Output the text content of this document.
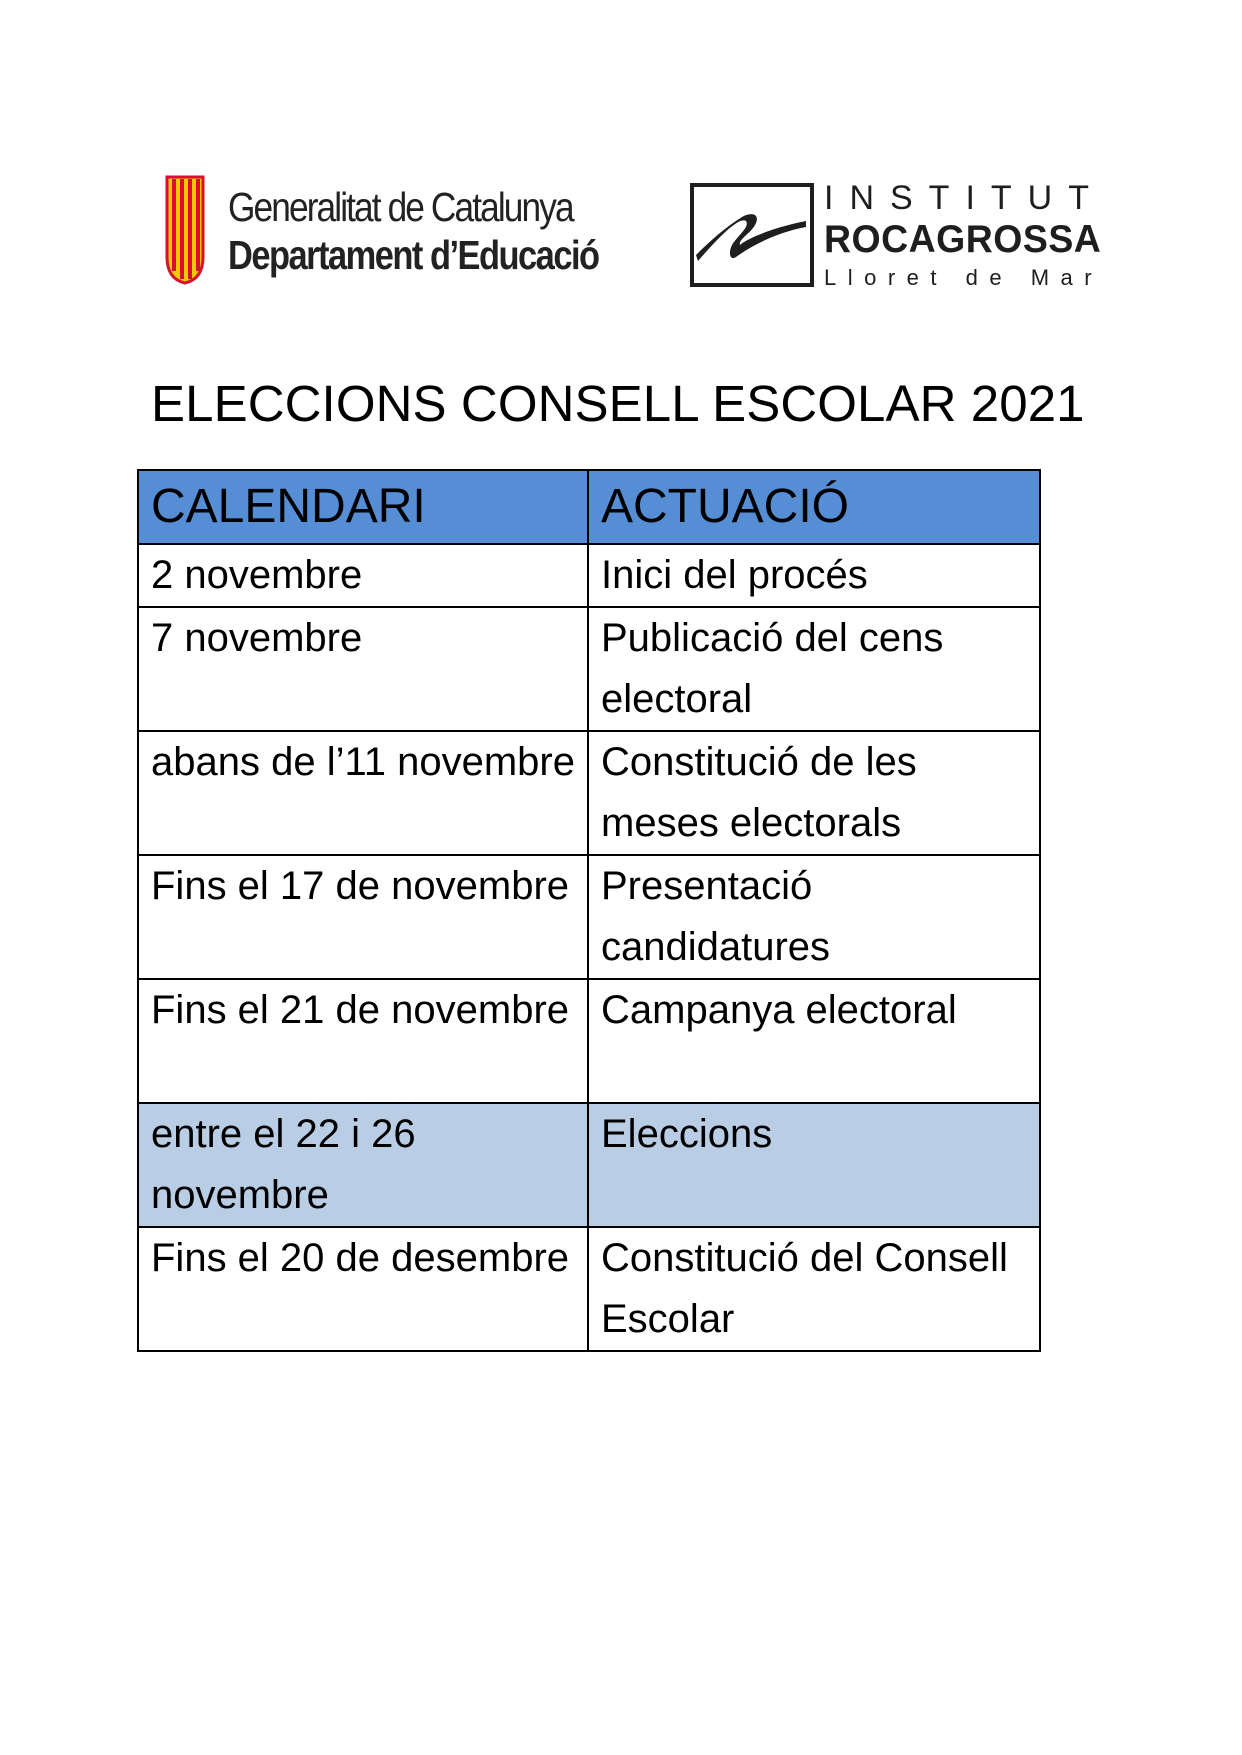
Generalitat de Catalunya
Departament d’Educació
INSTITUT
ROCAGROSSA
Lloret de Mar
ELECCIONS CONSELL ESCOLAR 2021
CALENDARI	ACTUACIÓ
2 novembre	Inici del procés
7 novembre	Publicació del cens electoral
abans de l’11 novembre	Constitució de les meses electorals
Fins el 17 de novembre	Presentació candidatures
Fins el 21 de novembre	Campanya electoral
entre el 22 i 26 novembre	Eleccions
Fins el 20 de desembre	Constitució del Consell Escolar
